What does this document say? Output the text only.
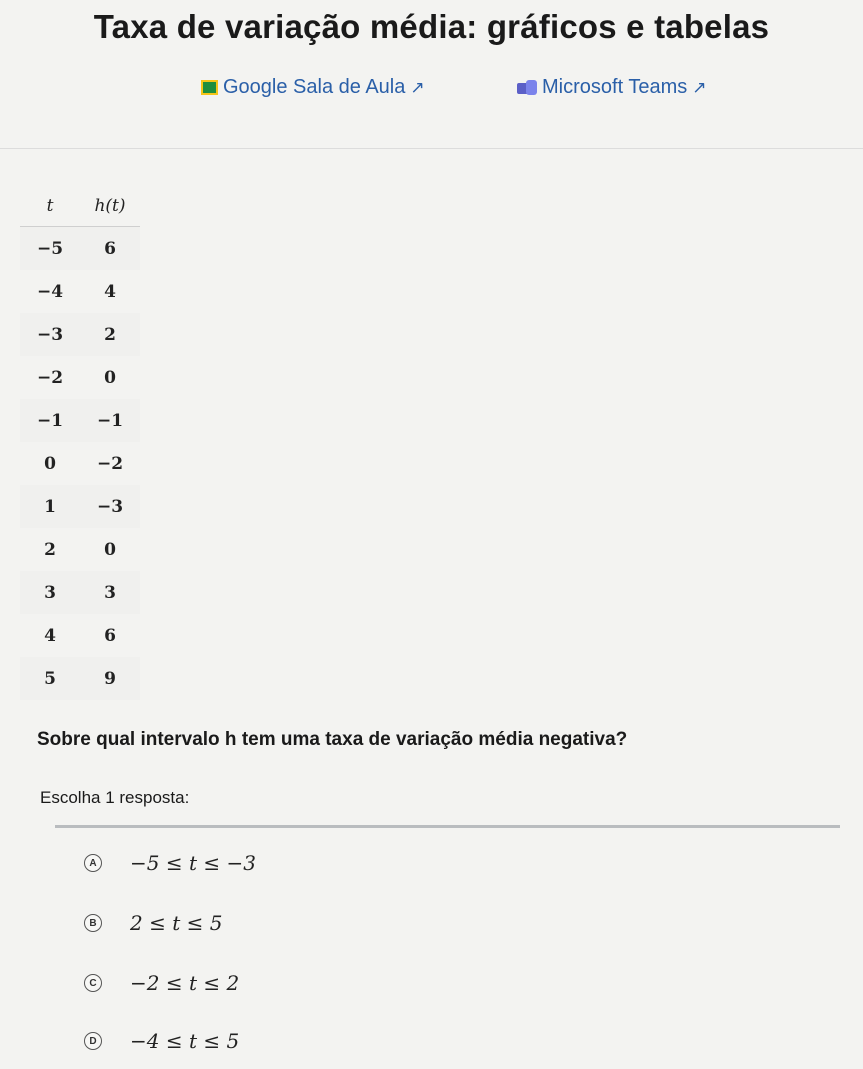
Taxa de variação média: gráficos e tabelas
Google Sala de Aula ↗	Microsoft Teams ↗
t	h(t)
−5	6
−4	4
−3	2
−2	0
−1	−1
0	−2
1	−3
2	0
3	3
4	6
5	9
Sobre qual intervalo h tem uma taxa de variação média negativa?
Escolha 1 resposta:
A −5 ≤ t ≤ −3
B 2 ≤ t ≤ 5
C −2 ≤ t ≤ 2
D −4 ≤ t ≤ 5
